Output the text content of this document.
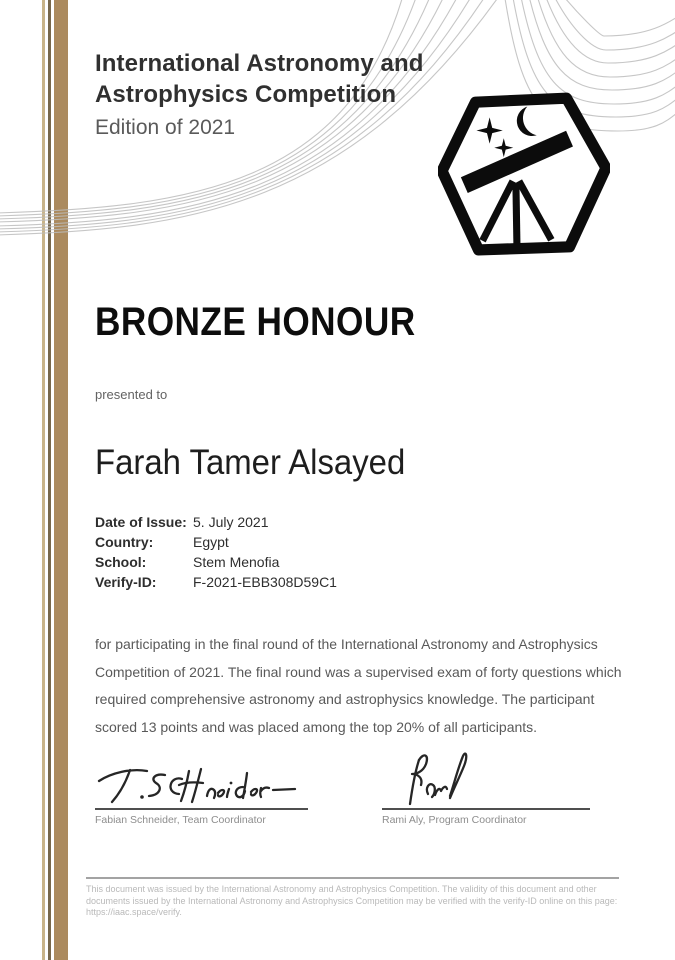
International Astronomy and
Astrophysics Competition
Edition of 2021
BRONZE HONOUR
presented to
Farah Tamer Alsayed
Date of Issue: 5. July 2021
Country:	Egypt
School:	Stem Menofia
Verify-ID:	F-2021-EBB308D59C1
for participating in the final round of the International Astronomy and Astrophysics
Competition of 2021. The final round was a supervised exam of forty questions which
required comprehensive astronomy and astrophysics knowledge. The participant
scored 13 points and was placed among the top 20% of all participants.
Fabian Schneider, Team Coordinator	Rami Aly, Program Coordinator
This document was issued by the International Astronomy and Astrophysics Competition. The validity of this document and other documents issued by the International Astronomy and Astrophysics Competition may be verified with the verify-ID online on this page: https://iaac.space/verify.
